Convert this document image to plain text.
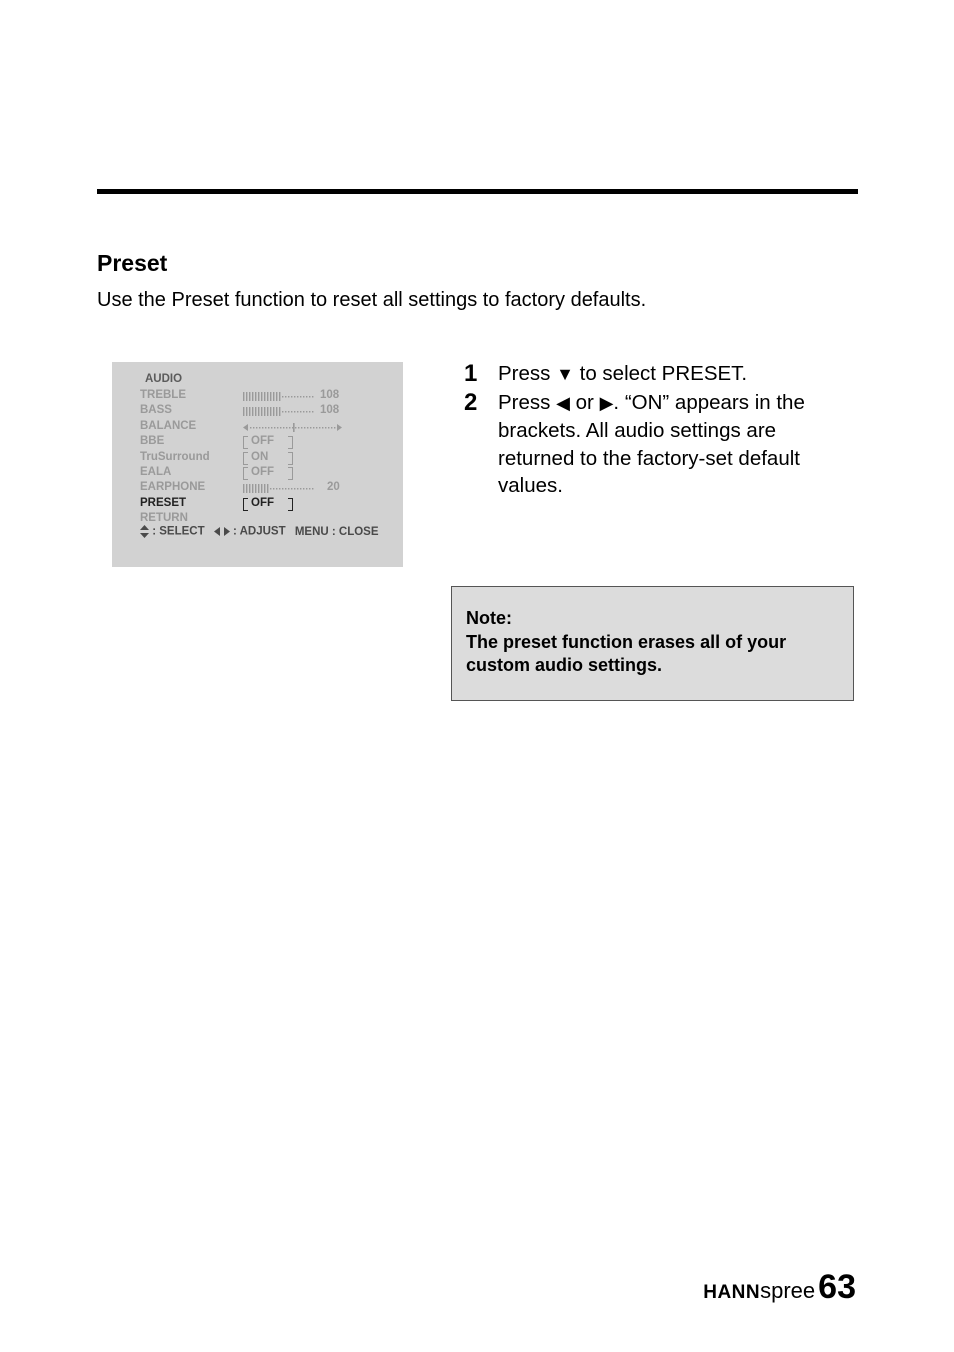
Preset

Use the Preset function to reset all settings to factory defaults.

AUDIO
TREBLE	108
BASS	108
BALANCE
BBE	OFF
TruSurround	ON
EALA	OFF
EARPHONE	20
PRESET	OFF
RETURN
: SELECT : ADJUST MENU : CLOSE
1 Press ▼ to select PRESET.
2 Press ◀ or ▶. “ON” appears in the brackets. All audio settings are returned to the factory-set default values.
Note:
The preset function erases all of your custom audio settings.
HANNspree63
